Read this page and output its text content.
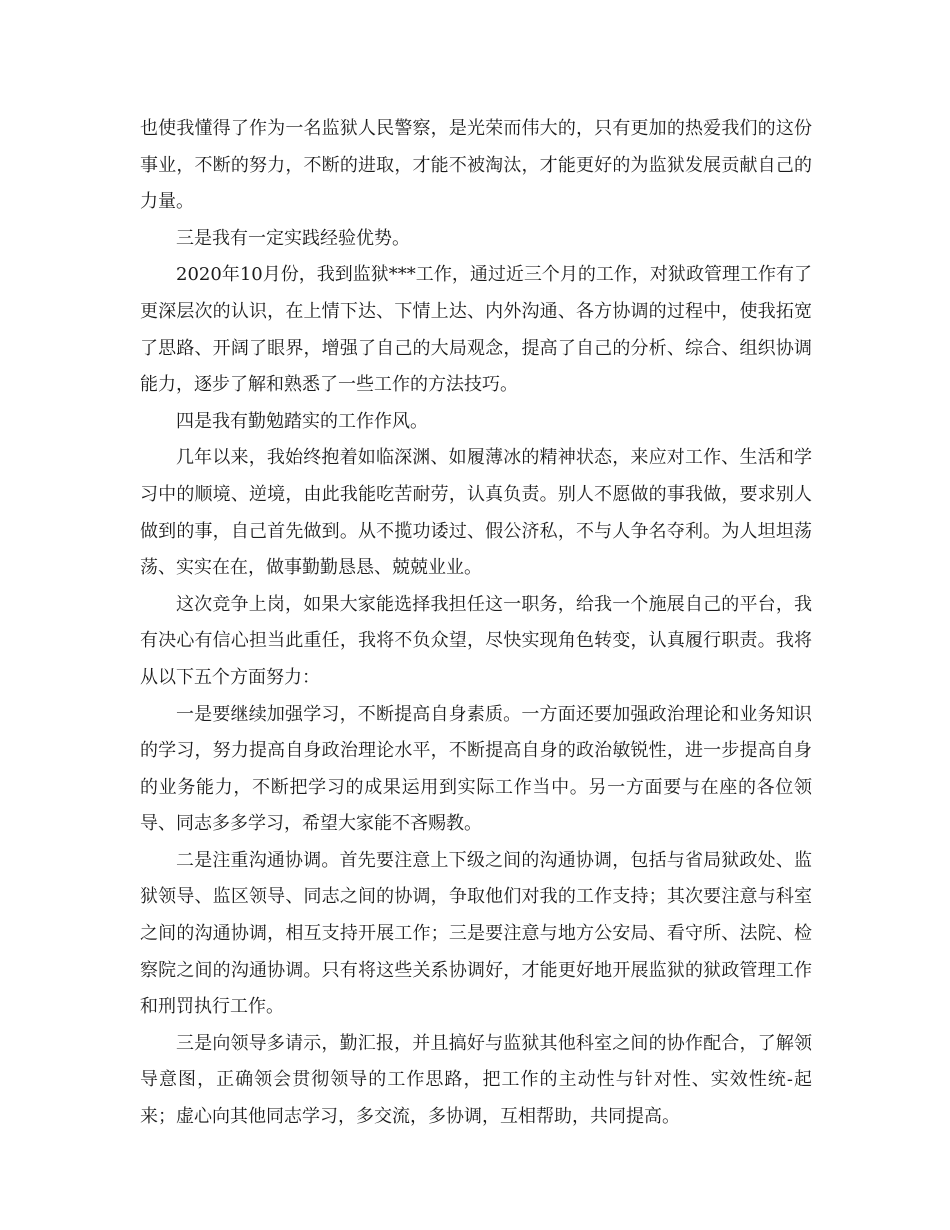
也使我懂得了作为一名监狱人民警察，是光荣而伟大的，只有更加的热爱我们的这份事业，不断的努力，不断的进取，才能不被淘汰，才能更好的为监狱发展贡献自己的力量。

三是我有一定实践经验优势。

2020年10月份，我到监狱***工作，通过近三个月的工作，对狱政管理工作有了更深层次的认识，在上情下达、下情上达、内外沟通、各方协调的过程中，使我拓宽了思路、开阔了眼界，增强了自己的大局观念，提高了自己的分析、综合、组织协调能力，逐步了解和熟悉了一些工作的方法技巧。

四是我有勤勉踏实的工作作风。

几年以来，我始终抱着如临深渊、如履薄冰的精神状态，来应对工作、生活和学习中的顺境、逆境，由此我能吃苦耐劳，认真负责。别人不愿做的事我做，要求别人做到的事，自己首先做到。从不揽功诿过、假公济私，不与人争名夺利。为人坦坦荡荡、实实在在，做事勤勤恳恳、兢兢业业。

这次竞争上岗，如果大家能选择我担任这一职务，给我一个施展自己的平台，我有决心有信心担当此重任，我将不负众望，尽快实现角色转变，认真履行职责。我将从以下五个方面努力：

一是要继续加强学习，不断提高自身素质。一方面还要加强政治理论和业务知识的学习，努力提高自身政治理论水平，不断提高自身的政治敏锐性，进一步提高自身的业务能力，不断把学习的成果运用到实际工作当中。另一方面要与在座的各位领导、同志多多学习，希望大家能不吝赐教。

二是注重沟通协调。首先要注意上下级之间的沟通协调，包括与省局狱政处、监狱领导、监区领导、同志之间的协调，争取他们对我的工作支持；其次要注意与科室之间的沟通协调，相互支持开展工作；三是要注意与地方公安局、看守所、法院、检察院之间的沟通协调。只有将这些关系协调好，才能更好地开展监狱的狱政管理工作和刑罚执行工作。

三是向领导多请示，勤汇报，并且搞好与监狱其他科室之间的协作配合，了解领导意图，正确领会贯彻领导的工作思路，把工作的主动性与针对性、实效性统-起来；虚心向其他同志学习，多交流，多协调，互相帮助，共同提高。
